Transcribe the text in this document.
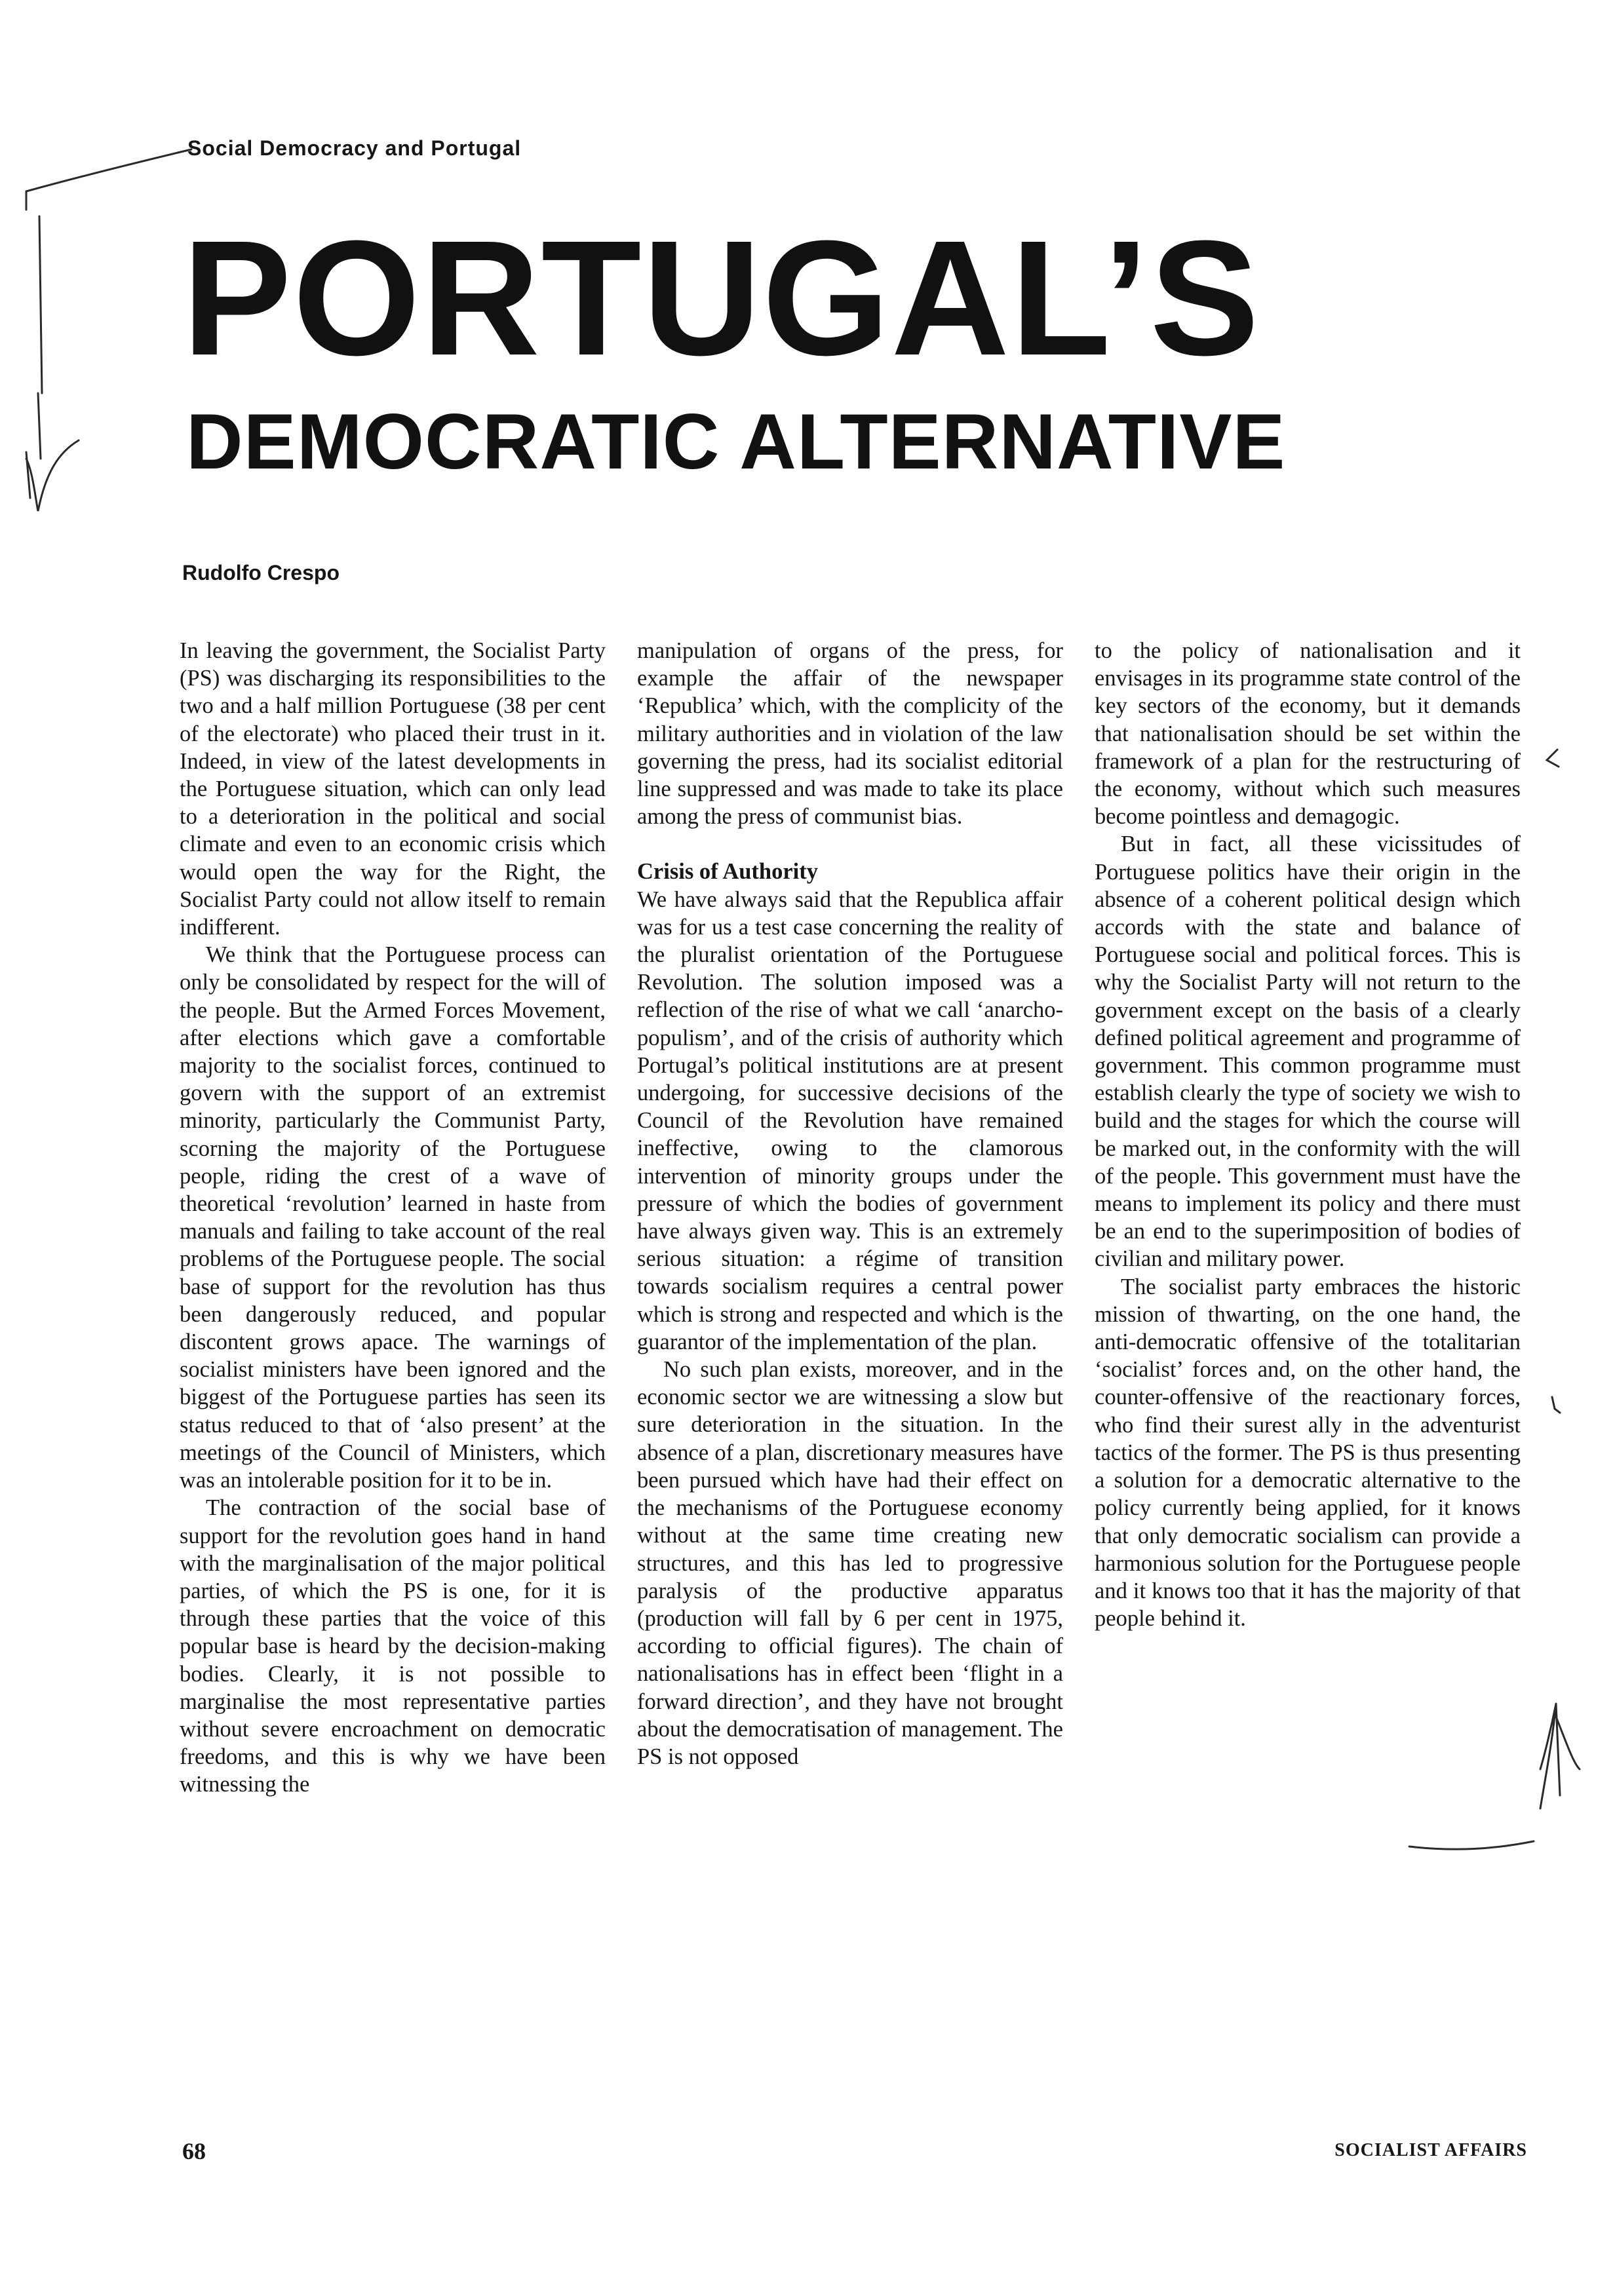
Social Democracy and Portugal
PORTUGAL’S
DEMOCRATIC ALTERNATIVE
Rudolfo Crespo

In leaving the government, the Socialist Party (PS) was discharging its responsibilities to the two and a half million Portuguese (38 per cent of the electorate) who placed their trust in it. Indeed, in view of the latest developments in the Portuguese situation, which can only lead to a deterioration in the political and social climate and even to an economic crisis which would open the way for the Right, the Socialist Party could not allow itself to remain indifferent.

We think that the Portuguese process can only be consolidated by respect for the will of the people. But the Armed Forces Movement, after elections which gave a comfortable majority to the socialist forces, continued to govern with the support of an extremist minority, particularly the Communist Party, scorning the majority of the Portuguese people, riding the crest of a wave of theoretical ‘revolution’ learned in haste from manuals and failing to take account of the real problems of the Portuguese people. The social base of support for the revolution has thus been dangerously reduced, and popular discontent grows apace. The warnings of socialist ministers have been ignored and the biggest of the Portuguese parties has seen its status reduced to that of ‘also present’ at the meetings of the Council of Ministers, which was an intolerable position for it to be in.

The contraction of the social base of support for the revolution goes hand in hand with the marginalisation of the major political parties, of which the PS is one, for it is through these parties that the voice of this popular base is heard by the decision-making bodies. Clearly, it is not possible to marginalise the most representative parties without severe encroachment on democratic freedoms, and this is why we have been witnessing the

manipulation of organs of the press, for example the affair of the newspaper ‘Republica’ which, with the complicity of the military authorities and in violation of the law governing the press, had its socialist editorial line suppressed and was made to take its place among the press of communist bias.

Crisis of Authority

We have always said that the Republica affair was for us a test case concerning the reality of the pluralist orientation of the Portuguese Revolution. The solution imposed was a reflection of the rise of what we call ‘anarcho-populism’, and of the crisis of authority which Portugal’s political institutions are at present undergoing, for successive decisions of the Council of the Revolution have remained ineffective, owing to the clamorous intervention of minority groups under the pressure of which the bodies of government have always given way. This is an extremely serious situation: a régime of transition towards socialism requires a central power which is strong and respected and which is the guarantor of the implementation of the plan.

No such plan exists, moreover, and in the economic sector we are witnessing a slow but sure deterioration in the situation. In the absence of a plan, discretionary measures have been pursued which have had their effect on the mechanisms of the Portuguese economy without at the same time creating new structures, and this has led to progressive paralysis of the productive apparatus (production will fall by 6 per cent in 1975, according to official figures). The chain of nationalisations has in effect been ‘flight in a forward direction’, and they have not brought about the democratisation of management. The PS is not opposed

to the policy of nationalisation and it envisages in its programme state control of the key sectors of the economy, but it demands that nationalisation should be set within the framework of a plan for the restructuring of the economy, without which such measures become pointless and demagogic.

But in fact, all these vicissitudes of Portuguese politics have their origin in the absence of a coherent political design which accords with the state and balance of Portuguese social and political forces. This is why the Socialist Party will not return to the government except on the basis of a clearly defined political agreement and programme of government. This common programme must establish clearly the type of society we wish to build and the stages for which the course will be marked out, in the conformity with the will of the people. This government must have the means to implement its policy and there must be an end to the superimposition of bodies of civilian and military power.

The socialist party embraces the historic mission of thwarting, on the one hand, the anti-democratic offensive of the totalitarian ‘socialist’ forces and, on the other hand, the counter-offensive of the reactionary forces, who find their surest ally in the adventurist tactics of the former. The PS is thus presenting a solution for a democratic alternative to the policy currently being applied, for it knows that only democratic socialism can provide a harmonious solution for the Portuguese people and it knows too that it has the majority of that people behind it.

68	SOCIALIST AFFAIRS
